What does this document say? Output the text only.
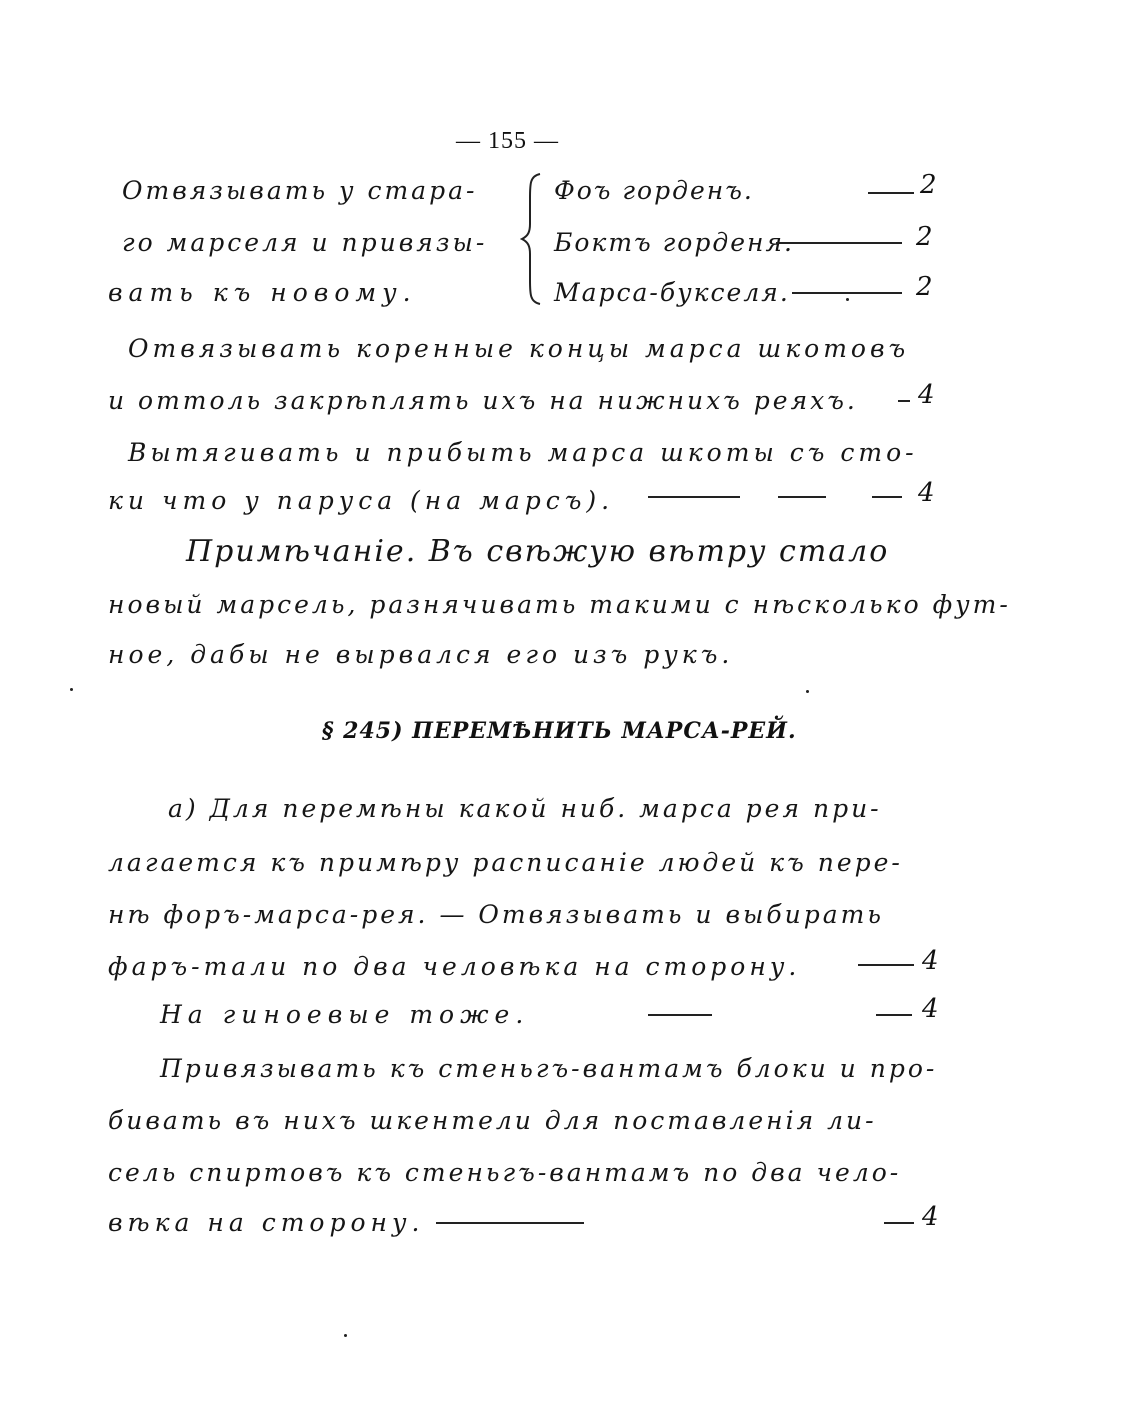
— 155 —
Отвязывать у стара-
го марселя и привязы-
вать къ новому.
Фоъ горденъ.	2
Боктъ горденя.	2
Марса-букселя.	2
Отвязывать коренные концы марса шкотовъ
и оттоль закрѣплять ихъ на нижнихъ реяхъ. 4
Вытягивать и прибыть марса шкоты съ сто-
ки что у паруса (на марсъ).	4
Примѣчаніе. Въ свѣжую вѣтру стало
новый марсель, разнячивать такими с нѣсколько фут-
ное, дабы не вырвался его изъ рукъ.
§ 245) ПЕРЕМѢНИТЬ МАРСА-РЕЙ.
а) Для перемѣны какой ниб. марса рея при-
лагается къ примѣру расписаніе людей къ пере-
нѣ форъ-марса-рея. — Отвязывать и выбирать
фаръ-тали по два человѣка на сторону.	4
На гиноевые тоже.	4
Привязывать къ стеньгъ-вантамъ блоки и про-
бивать въ нихъ шкентели для поставленія ли-
сель спиртовъ къ стеньгъ-вантамъ по два чело-
вѣка на сторону.	4
